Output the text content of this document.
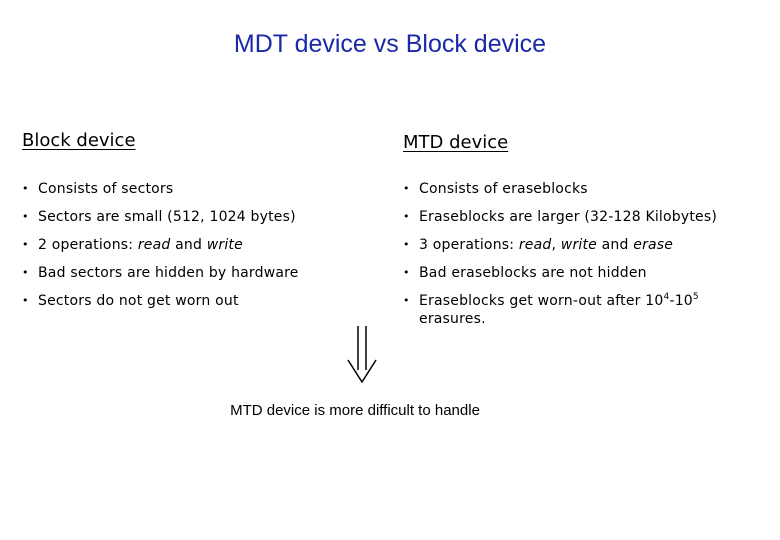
MDT device vs Block device
Block device
• Consists of sectors
• Sectors are small (512, 1024 bytes)
• 2 operations: read and write
• Bad sectors are hidden by hardware
• Sectors do not get worn out
MTD device
• Consists of eraseblocks
• Eraseblocks are larger (32-128 Kilobytes)
• 3 operations: read, write and erase
• Bad eraseblocks are not hidden
• Eraseblocks get worn-out after $10^4-10^5$
erasures.
MTD device is more difficult to handle
